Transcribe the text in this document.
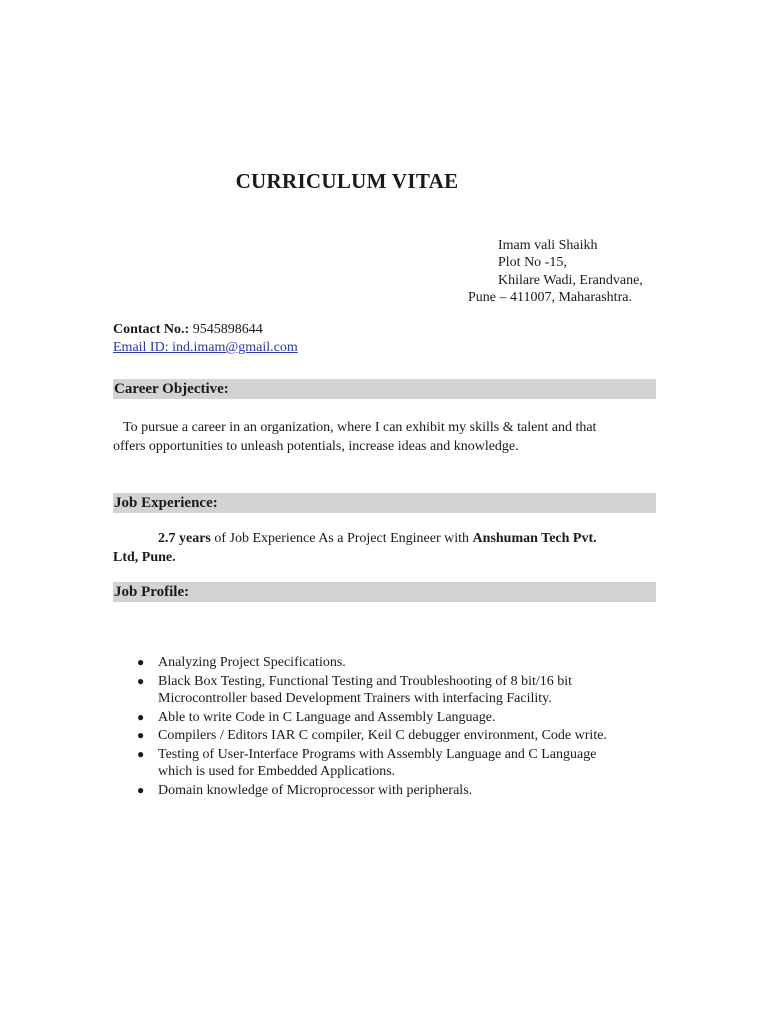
CURRICULUM VITAE
Imam vali Shaikh
Plot No -15,
Khilare Wadi, Erandvane,
Pune – 411007, Maharashtra.
Contact No.: 9545898644
Email ID: ind.imam@gmail.com
Career Objective:
To pursue a career in an organization, where I can exhibit my skills & talent and that
offers opportunities to unleash potentials, increase ideas and knowledge.
Job Experience:
2.7 years of Job Experience As a Project Engineer with Anshuman Tech Pvt.
Ltd, Pune.
Job Profile:
● Analyzing Project Specifications.
● Black Box Testing, Functional Testing and Troubleshooting of 8 bit/16 bit
Microcontroller based Development Trainers with interfacing Facility.
● Able to write Code in C Language and Assembly Language.
● Compilers / Editors IAR C compiler, Keil C debugger environment, Code write.
● Testing of User-Interface Programs with Assembly Language and C Language
which is used for Embedded Applications.
● Domain knowledge of Microprocessor with peripherals.
